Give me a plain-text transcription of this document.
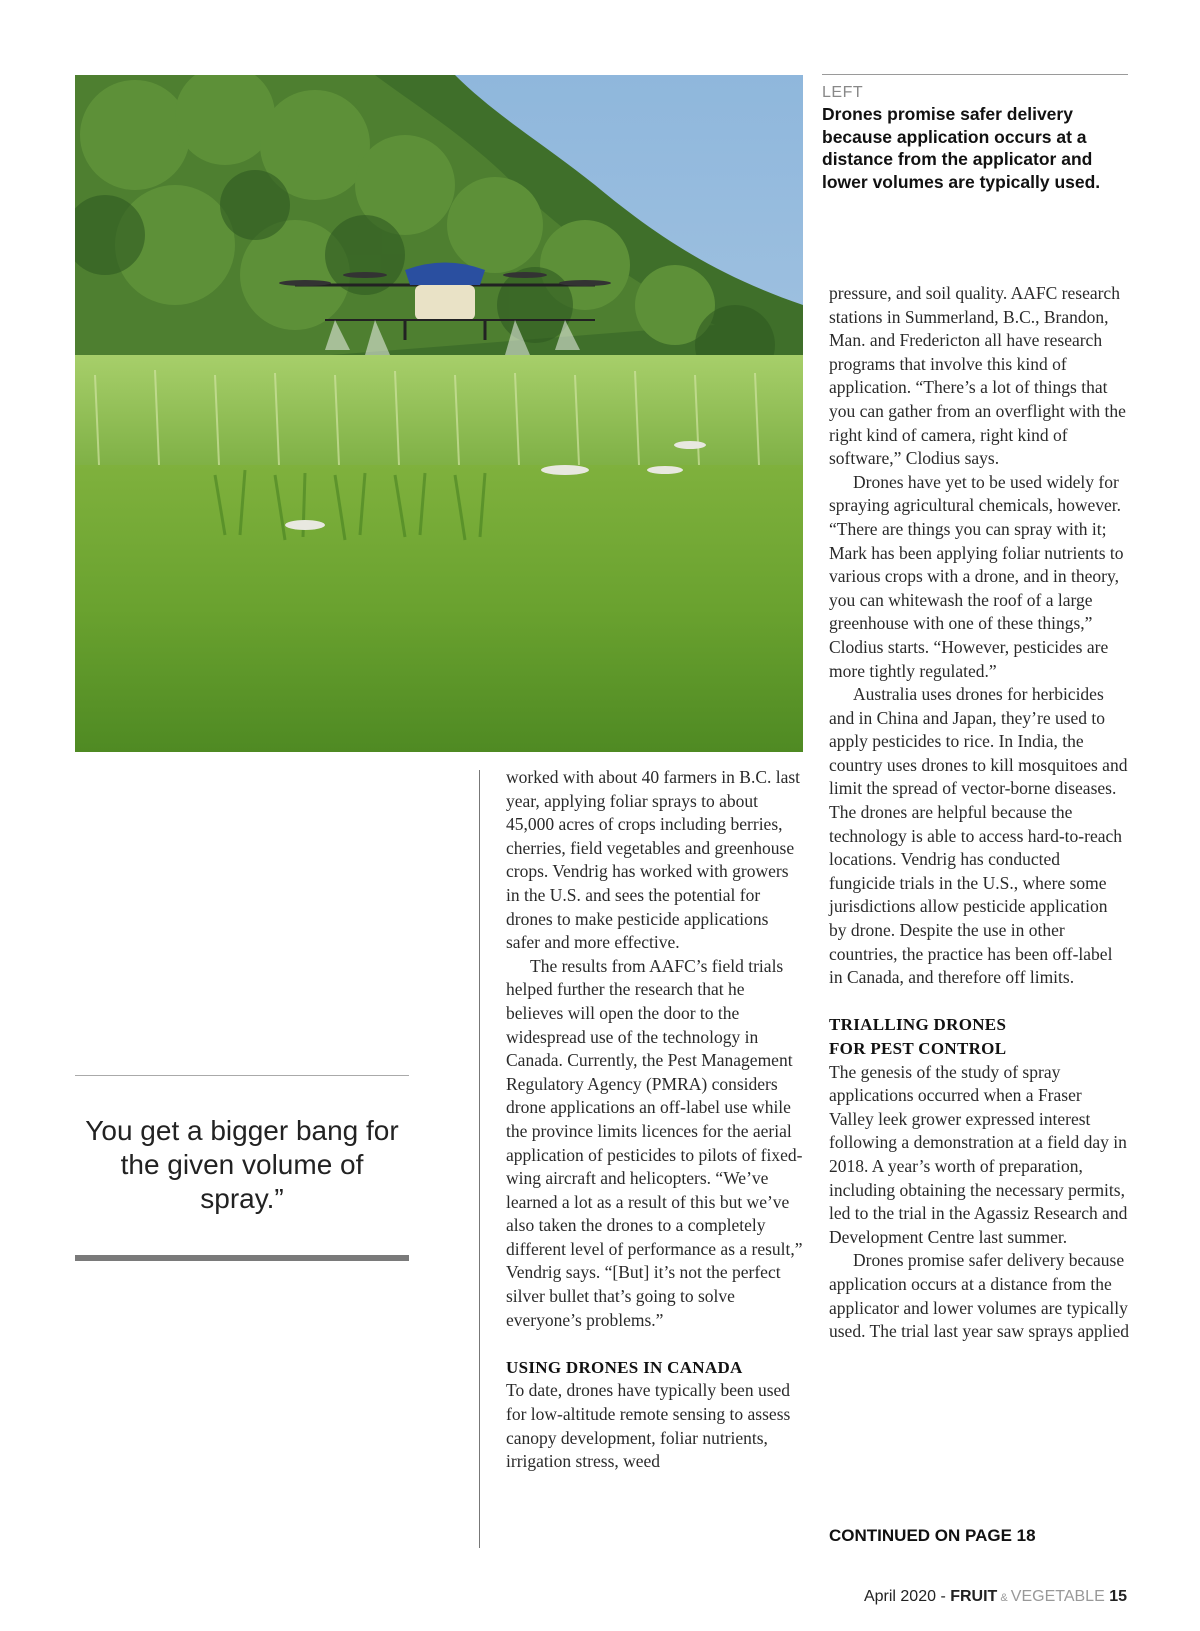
LEFT
Drones promise safer delivery because application occurs at a distance from the applicator and lower volumes are typically used.
You get a bigger bang for the given volume of spray.”

worked with about 40 farmers in B.C. last year, applying foliar sprays to about 45,000 acres of crops including berries, cherries, field vegetables and greenhouse crops. Vendrig has worked with growers in the U.S. and sees the potential for drones to make pesticide applications safer and more effective.

The results from AAFC’s field trials helped further the research that he believes will open the door to the widespread use of the technology in Canada. Currently, the Pest Management Regulatory Agency (PMRA) considers drone applications an off-label use while the province limits licences for the aerial application of pesticides to pilots of fixed-wing aircraft and helicopters. “We’ve learned a lot as a result of this but we’ve also taken the drones to a completely different level of performance as a result,” Vendrig says. “[But] it’s not the perfect silver bullet that’s going to solve everyone’s problems.”

USING DRONES IN CANADA

To date, drones have typically been used for low-altitude remote sensing to assess canopy development, foliar nutrients, irrigation stress, weed

pressure, and soil quality. AAFC research stations in Summerland, B.C., Brandon, Man. and Fredericton all have research programs that involve this kind of application. “There’s a lot of things that you can gather from an overflight with the right kind of camera, right kind of software,” Clodius says.

Drones have yet to be used widely for spraying agricultural chemicals, however. “There are things you can spray with it; Mark has been applying foliar nutrients to various crops with a drone, and in theory, you can whitewash the roof of a large greenhouse with one of these things,” Clodius starts. “However, pesticides are more tightly regulated.”

Australia uses drones for herbicides and in China and Japan, they’re used to apply pesticides to rice. In India, the country uses drones to kill mosquitoes and limit the spread of vector-borne diseases. The drones are helpful because the technology is able to access hard-to-reach locations. Vendrig has conducted fungicide trials in the U.S., where some jurisdictions allow pesticide application by drone. Despite the use in other countries, the practice has been off-label in Canada, and therefore off limits.

TRIALLING DRONES
FOR PEST CONTROL

The genesis of the study of spray applications occurred when a Fraser Valley leek grower expressed interest following a demonstration at a field day in 2018. A year’s worth of preparation, including obtaining the necessary permits, led to the trial in the Agassiz Research and Development Centre last summer.

Drones promise safer delivery because application occurs at a distance from the applicator and lower volumes are typically used. The trial last year saw sprays applied

CONTINUED ON PAGE 18
April 2020 - FRUIT & VEGETABLE 15
